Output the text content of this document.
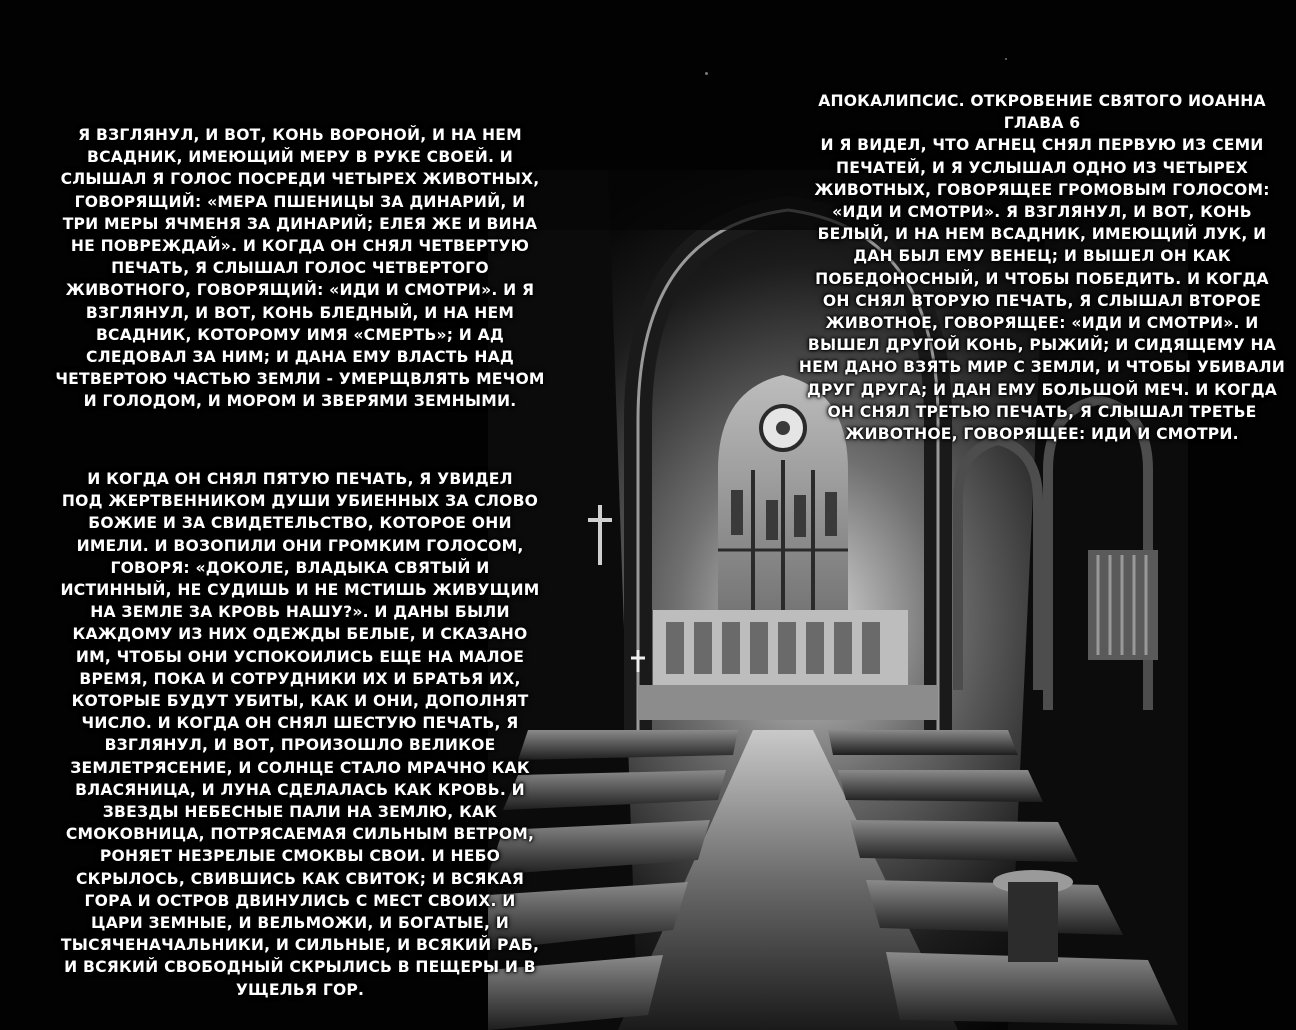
АПОКАЛИПСИС. ОТКРОВЕНИЕ СВЯТОГО ИОАННА
ГЛАВА 6
И Я ВИДЕЛ, ЧТО АГНЕЦ СНЯЛ ПЕРВУЮ ИЗ СЕМИ
ПЕЧАТЕЙ, И Я УСЛЫШАЛ ОДНО ИЗ ЧЕТЫРЕХ
ЖИВОТНЫХ, ГОВОРЯЩЕЕ ГРОМОВЫМ ГОЛОСОМ:
«ИДИ И СМОТРИ». Я ВЗГЛЯНУЛ, И ВОТ, КОНЬ
БЕЛЫЙ, И НА НЕМ ВСАДНИК, ИМЕЮЩИЙ ЛУК, И
ДАН БЫЛ ЕМУ ВЕНЕЦ; И ВЫШЕЛ ОН КАК
ПОБЕДОНОСНЫЙ, И ЧТОБЫ ПОБЕДИТЬ. И КОГДА
ОН СНЯЛ ВТОРУЮ ПЕЧАТЬ, Я СЛЫШАЛ ВТОРОЕ
ЖИВОТНОЕ, ГОВОРЯЩЕЕ: «ИДИ И СМОТРИ». И
ВЫШЕЛ ДРУГОЙ КОНЬ, РЫЖИЙ; И СИДЯЩЕМУ НА
НЕМ ДАНО ВЗЯТЬ МИР С ЗЕМЛИ, И ЧТОБЫ УБИВАЛИ
ДРУГ ДРУГА; И ДАН ЕМУ БОЛЬШОЙ МЕЧ. И КОГДА
ОН СНЯЛ ТРЕТЬЮ ПЕЧАТЬ, Я СЛЫШАЛ ТРЕТЬЕ
ЖИВОТНОЕ, ГОВОРЯЩЕЕ: ИДИ И СМОТРИ.
Я ВЗГЛЯНУЛ, И ВОТ, КОНЬ ВОРОНОЙ, И НА НЕМ
ВСАДНИК, ИМЕЮЩИЙ МЕРУ В РУКЕ СВОЕЙ. И
СЛЫШАЛ Я ГОЛОС ПОСРЕДИ ЧЕТЫРЕХ ЖИВОТНЫХ,
ГОВОРЯЩИЙ: «МЕРА ПШЕНИЦЫ ЗА ДИНАРИЙ, И
ТРИ МЕРЫ ЯЧМЕНЯ ЗА ДИНАРИЙ; ЕЛЕЯ ЖЕ И ВИНА
НЕ ПОВРЕЖДАЙ». И КОГДА ОН СНЯЛ ЧЕТВЕРТУЮ
ПЕЧАТЬ, Я СЛЫШАЛ ГОЛОС ЧЕТВЕРТОГО
ЖИВОТНОГО, ГОВОРЯЩИЙ: «ИДИ И СМОТРИ». И Я
ВЗГЛЯНУЛ, И ВОТ, КОНЬ БЛЕДНЫЙ, И НА НЕМ
ВСАДНИК, КОТОРОМУ ИМЯ «СМЕРТЬ»; И АД
СЛЕДОВАЛ ЗА НИМ; И ДАНА ЕМУ ВЛАСТЬ НАД
ЧЕТВЕРТОЮ ЧАСТЬЮ ЗЕМЛИ - УМЕРЩВЛЯТЬ МЕЧОМ
И ГОЛОДОМ, И МОРОМ И ЗВЕРЯМИ ЗЕМНЫМИ.
И КОГДА ОН СНЯЛ ПЯТУЮ ПЕЧАТЬ, Я УВИДЕЛ
ПОД ЖЕРТВЕННИКОМ ДУШИ УБИЕННЫХ ЗА СЛОВО
БОЖИЕ И ЗА СВИДЕТЕЛЬСТВО, КОТОРОЕ ОНИ
ИМЕЛИ. И ВОЗОПИЛИ ОНИ ГРОМКИМ ГОЛОСОМ,
ГОВОРЯ: «ДОКОЛЕ, ВЛАДЫКА СВЯТЫЙ И
ИСТИННЫЙ, НЕ СУДИШЬ И НЕ МСТИШЬ ЖИВУЩИМ
НА ЗЕМЛЕ ЗА КРОВЬ НАШУ?». И ДАНЫ БЫЛИ
КАЖДОМУ ИЗ НИХ ОДЕЖДЫ БЕЛЫЕ, И СКАЗАНО
ИМ, ЧТОБЫ ОНИ УСПОКОИЛИСЬ ЕЩЕ НА МАЛОЕ
ВРЕМЯ, ПОКА И СОТРУДНИКИ ИХ И БРАТЬЯ ИХ,
КОТОРЫЕ БУДУТ УБИТЫ, КАК И ОНИ, ДОПОЛНЯТ
ЧИСЛО. И КОГДА ОН СНЯЛ ШЕСТУЮ ПЕЧАТЬ, Я
ВЗГЛЯНУЛ, И ВОТ, ПРОИЗОШЛО ВЕЛИКОЕ
ЗЕМЛЕТРЯСЕНИЕ, И СОЛНЦЕ СТАЛО МРАЧНО КАК
ВЛАСЯНИЦА, И ЛУНА СДЕЛАЛАСЬ КАК КРОВЬ. И
ЗВЕЗДЫ НЕБЕСНЫЕ ПАЛИ НА ЗЕМЛЮ, КАК
СМОКОВНИЦА, ПОТРЯСАЕМАЯ СИЛЬНЫМ ВЕТРОМ,
РОНЯЕТ НЕЗРЕЛЫЕ СМОКВЫ СВОИ. И НЕБО
СКРЫЛОСЬ, СВИВШИСЬ КАК СВИТОК; И ВСЯКАЯ
ГОРА И ОСТРОВ ДВИНУЛИСЬ С МЕСТ СВОИХ. И
ЦАРИ ЗЕМНЫЕ, И ВЕЛЬМОЖИ, И БОГАТЫЕ, И
ТЫСЯЧЕНАЧАЛЬНИКИ, И СИЛЬНЫЕ, И ВСЯКИЙ РАБ,
И ВСЯКИЙ СВОБОДНЫЙ СКРЫЛИСЬ В ПЕЩЕРЫ И В
УЩЕЛЬЯ ГОР.
